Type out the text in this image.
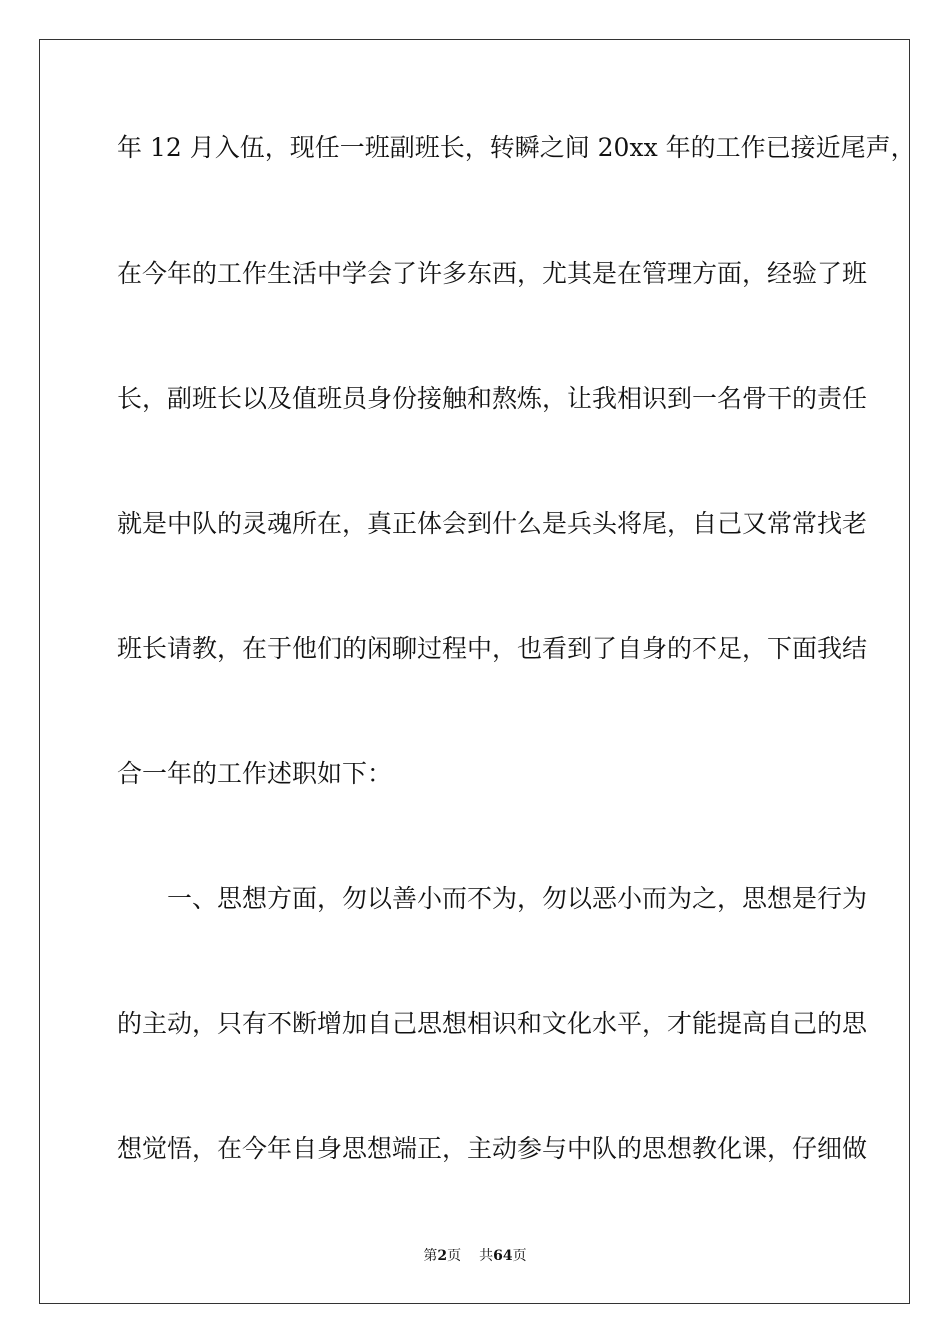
年 12 月入伍，现任一班副班长，转瞬之间 20xx 年的工作已接近尾声，
在今年的工作生活中学会了许多东西，尤其是在管理方面，经验了班
长，副班长以及值班员身份接触和熬炼，让我相识到一名骨干的责任
就是中队的灵魂所在，真正体会到什么是兵头将尾，自己又常常找老
班长请教，在于他们的闲聊过程中，也看到了自身的不足，下面我结
合一年的工作述职如下：
一、思想方面，勿以善小而不为，勿以恶小而为之，思想是行为
的主动，只有不断增加自己思想相识和文化水平，才能提高自己的思
想觉悟，在今年自身思想端正，主动参与中队的思想教化课，仔细做
第2页 共64页
